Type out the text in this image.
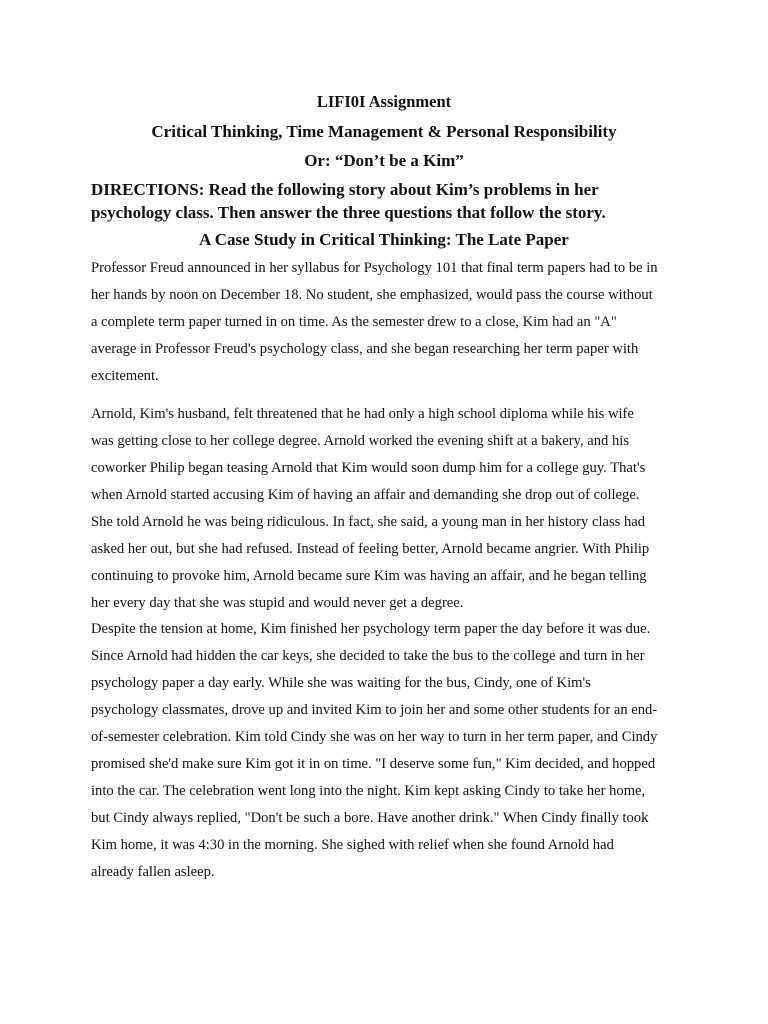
LIFI0I Assignment
Critical Thinking, Time Management & Personal Responsibility
Or: “Don’t be a Kim”

DIRECTIONS: Read the following story about Kim’s problems in her psychology class. Then answer the three questions that follow the story.

A Case Study in Critical Thinking: The Late Paper

Professor Freud announced in her syllabus for Psychology 101 that final term papers had to be in
her hands by noon on December 18. No student, she emphasized, would pass the course without
a complete term paper turned in on time. As the semester drew to a close, Kim had an "A"
average in Professor Freud's psychology class, and she began researching her term paper with
excitement.

Arnold, Kim's husband, felt threatened that he had only a high school diploma while his wife
was getting close to her college degree. Arnold worked the evening shift at a bakery, and his
coworker Philip began teasing Arnold that Kim would soon dump him for a college guy. That's
when Arnold started accusing Kim of having an affair and demanding she drop out of college.
She told Arnold he was being ridiculous. In fact, she said, a young man in her history class had
asked her out, but she had refused. Instead of feeling better, Arnold became angrier. With Philip
continuing to provoke him, Arnold became sure Kim was having an affair, and he began telling
her every day that she was stupid and would never get a degree.

Despite the tension at home, Kim finished her psychology term paper the day before it was due.
Since Arnold had hidden the car keys, she decided to take the bus to the college and turn in her
psychology paper a day early. While she was waiting for the bus, Cindy, one of Kim's
psychology classmates, drove up and invited Kim to join her and some other students for an end-
of-semester celebration. Kim told Cindy she was on her way to turn in her term paper, and Cindy
promised she'd make sure Kim got it in on time. "I deserve some fun," Kim decided, and hopped
into the car. The celebration went long into the night. Kim kept asking Cindy to take her home,
but Cindy always replied, "Don't be such a bore. Have another drink." When Cindy finally took
Kim home, it was 4:30 in the morning. She sighed with relief when she found Arnold had
already fallen asleep.
